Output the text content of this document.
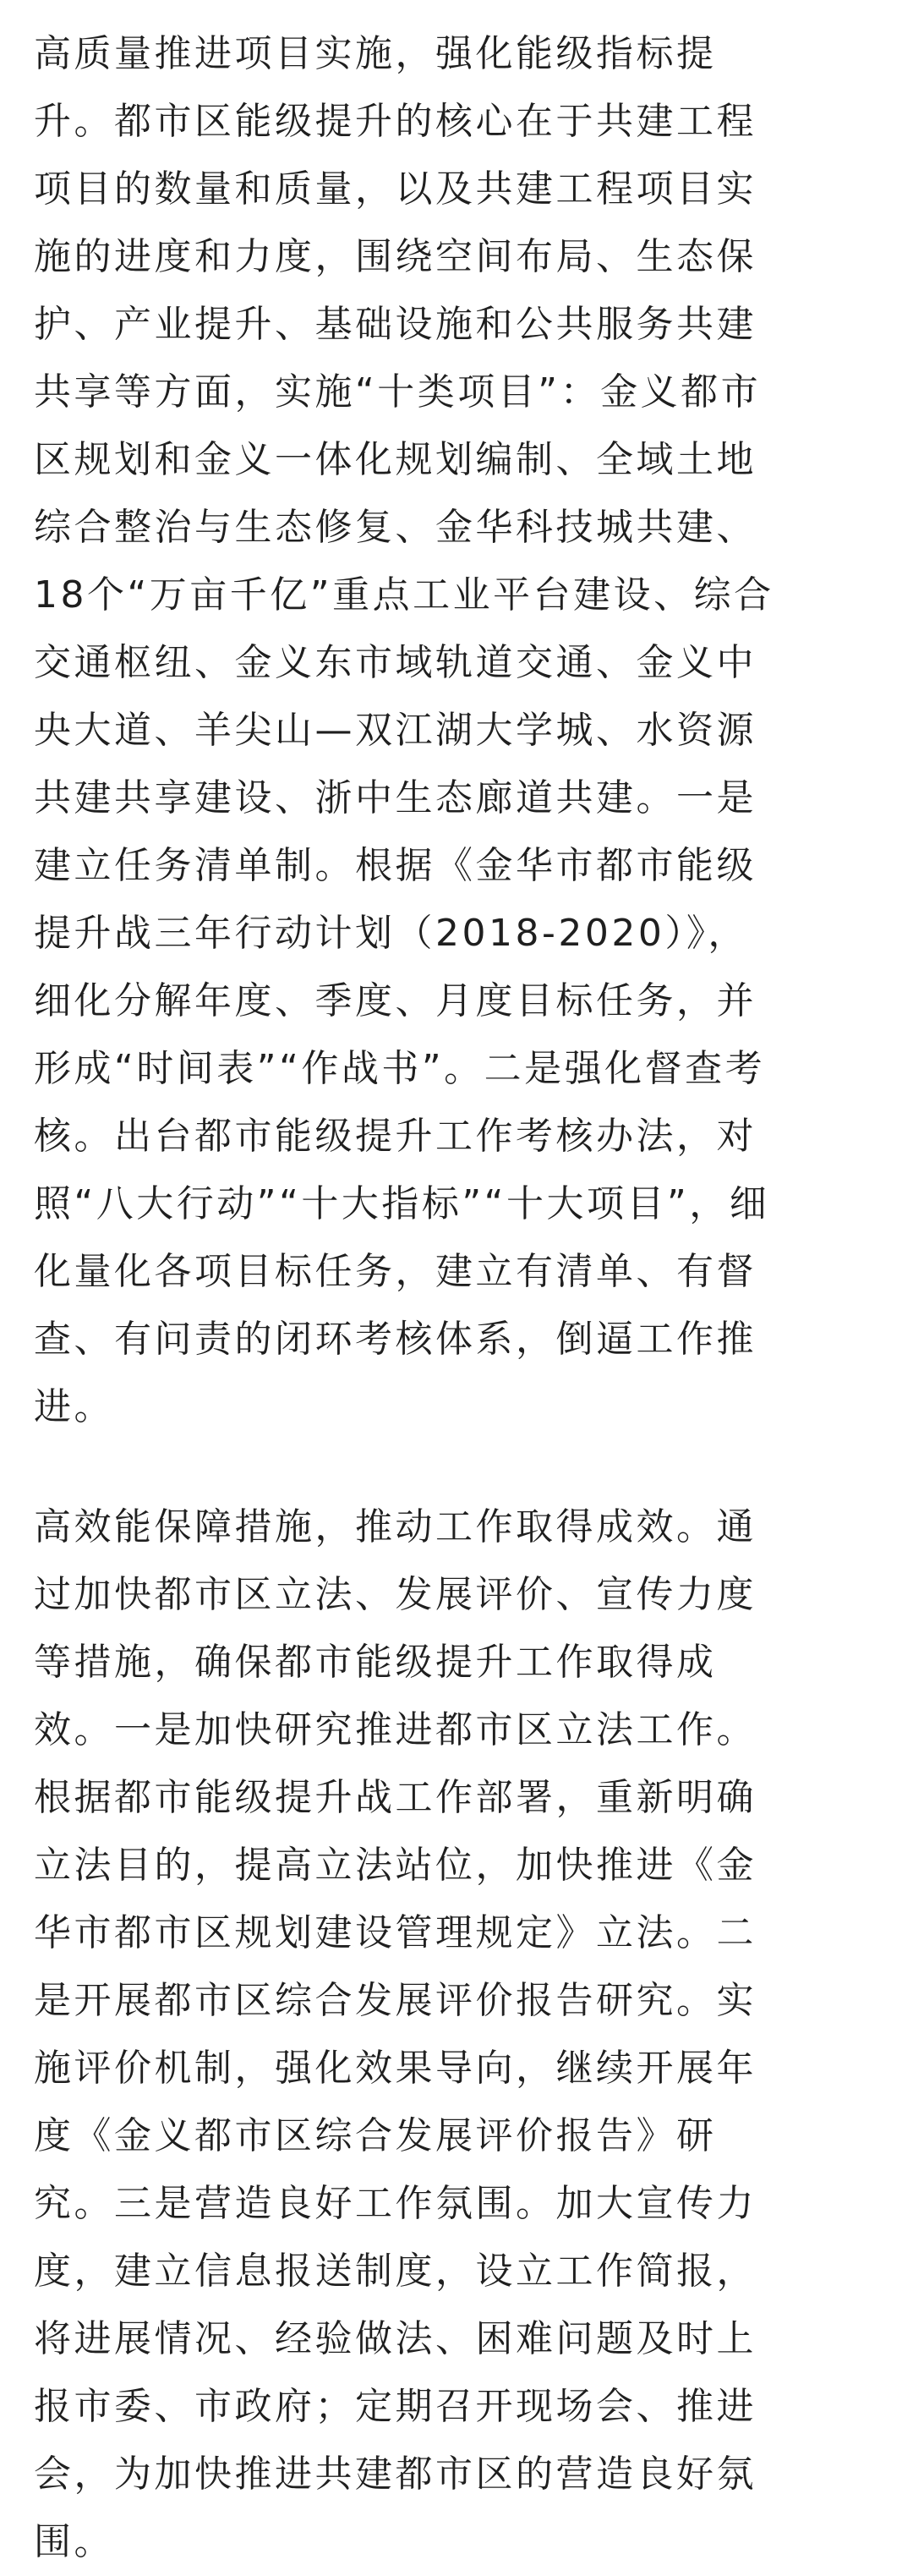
高质量推进项目实施，强化能级指标提
升。都市区能级提升的核心在于共建工程
项目的数量和质量，以及共建工程项目实
施的进度和力度，围绕空间布局、生态保
护、产业提升、基础设施和公共服务共建
共享等方面，实施“十类项目”：金义都市
区规划和金义一体化规划编制、全域土地
综合整治与生态修复、金华科技城共建、
18个“万亩千亿”重点工业平台建设、综合
交通枢纽、金义东市域轨道交通、金义中
央大道、羊尖山—双江湖大学城、水资源
共建共享建设、浙中生态廊道共建。一是
建立任务清单制。根据《金华市都市能级
提升战三年行动计划（2018-2020）》，
细化分解年度、季度、月度目标任务，并
形成“时间表”“作战书”。二是强化督查考
核。出台都市能级提升工作考核办法，对
照“八大行动”“十大指标”“十大项目”，细
化量化各项目标任务，建立有清单、有督
查、有问责的闭环考核体系，倒逼工作推
进。
高效能保障措施，推动工作取得成效。通
过加快都市区立法、发展评价、宣传力度
等措施，确保都市能级提升工作取得成
效。一是加快研究推进都市区立法工作。
根据都市能级提升战工作部署，重新明确
立法目的，提高立法站位，加快推进《金
华市都市区规划建设管理规定》立法。二
是开展都市区综合发展评价报告研究。实
施评价机制，强化效果导向，继续开展年
度《金义都市区综合发展评价报告》研
究。三是营造良好工作氛围。加大宣传力
度，建立信息报送制度，设立工作简报，
将进展情况、经验做法、困难问题及时上
报市委、市政府；定期召开现场会、推进
会，为加快推进共建都市区的营造良好氛
围。
